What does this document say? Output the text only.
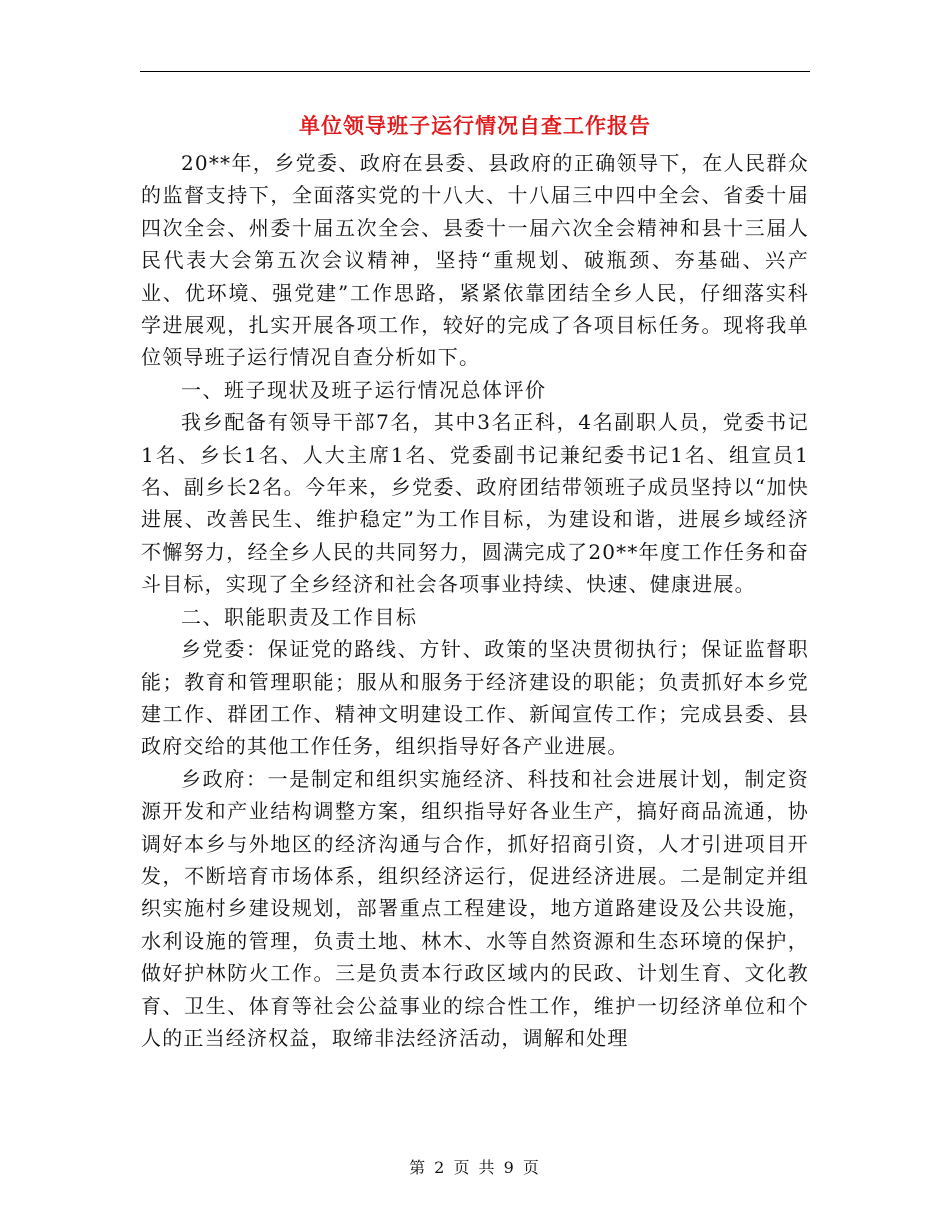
单位领导班子运行情况自查工作报告

20**年，乡党委、政府在县委、县政府的正确领导下，在人民群众的监督支持下，全面落实党的十八大、十八届三中四中全会、省委十届四次全会、州委十届五次全会、县委十一届六次全会精神和县十三届人民代表大会第五次会议精神，坚持“重规划、破瓶颈、夯基础、兴产业、优环境、强党建”工作思路，紧紧依靠团结全乡人民，仔细落实科学进展观，扎实开展各项工作，较好的完成了各项目标任务。现将我单位领导班子运行情况自查分析如下。

一、班子现状及班子运行情况总体评价

我乡配备有领导干部7名，其中3名正科，4名副职人员，党委书记1名、乡长1名、人大主席1名、党委副书记兼纪委书记1名、组宣员1名、副乡长2名。今年来，乡党委、政府团结带领班子成员坚持以“加快进展、改善民生、维护稳定”为工作目标，为建设和谐，进展乡域经济不懈努力，经全乡人民的共同努力，圆满完成了20**年度工作任务和奋斗目标，实现了全乡经济和社会各项事业持续、快速、健康进展。

二、职能职责及工作目标

乡党委：保证党的路线、方针、政策的坚决贯彻执行；保证监督职能；教育和管理职能；服从和服务于经济建设的职能；负责抓好本乡党建工作、群团工作、精神文明建设工作、新闻宣传工作；完成县委、县政府交给的其他工作任务，组织指导好各产业进展。

乡政府：一是制定和组织实施经济、科技和社会进展计划，制定资源开发和产业结构调整方案，组织指导好各业生产，搞好商品流通，协调好本乡与外地区的经济沟通与合作，抓好招商引资，人才引进项目开发，不断培育市场体系，组织经济运行，促进经济进展。二是制定并组织实施村乡建设规划，部署重点工程建设，地方道路建设及公共设施，水利设施的管理，负责土地、林木、水等自然资源和生态环境的保护，做好护林防火工作。三是负责本行政区域内的民政、计划生育、文化教育、卫生、体育等社会公益事业的综合性工作，维护一切经济单位和个人的正当经济权益，取缔非法经济活动，调解和处理

第 2 页 共 9 页
